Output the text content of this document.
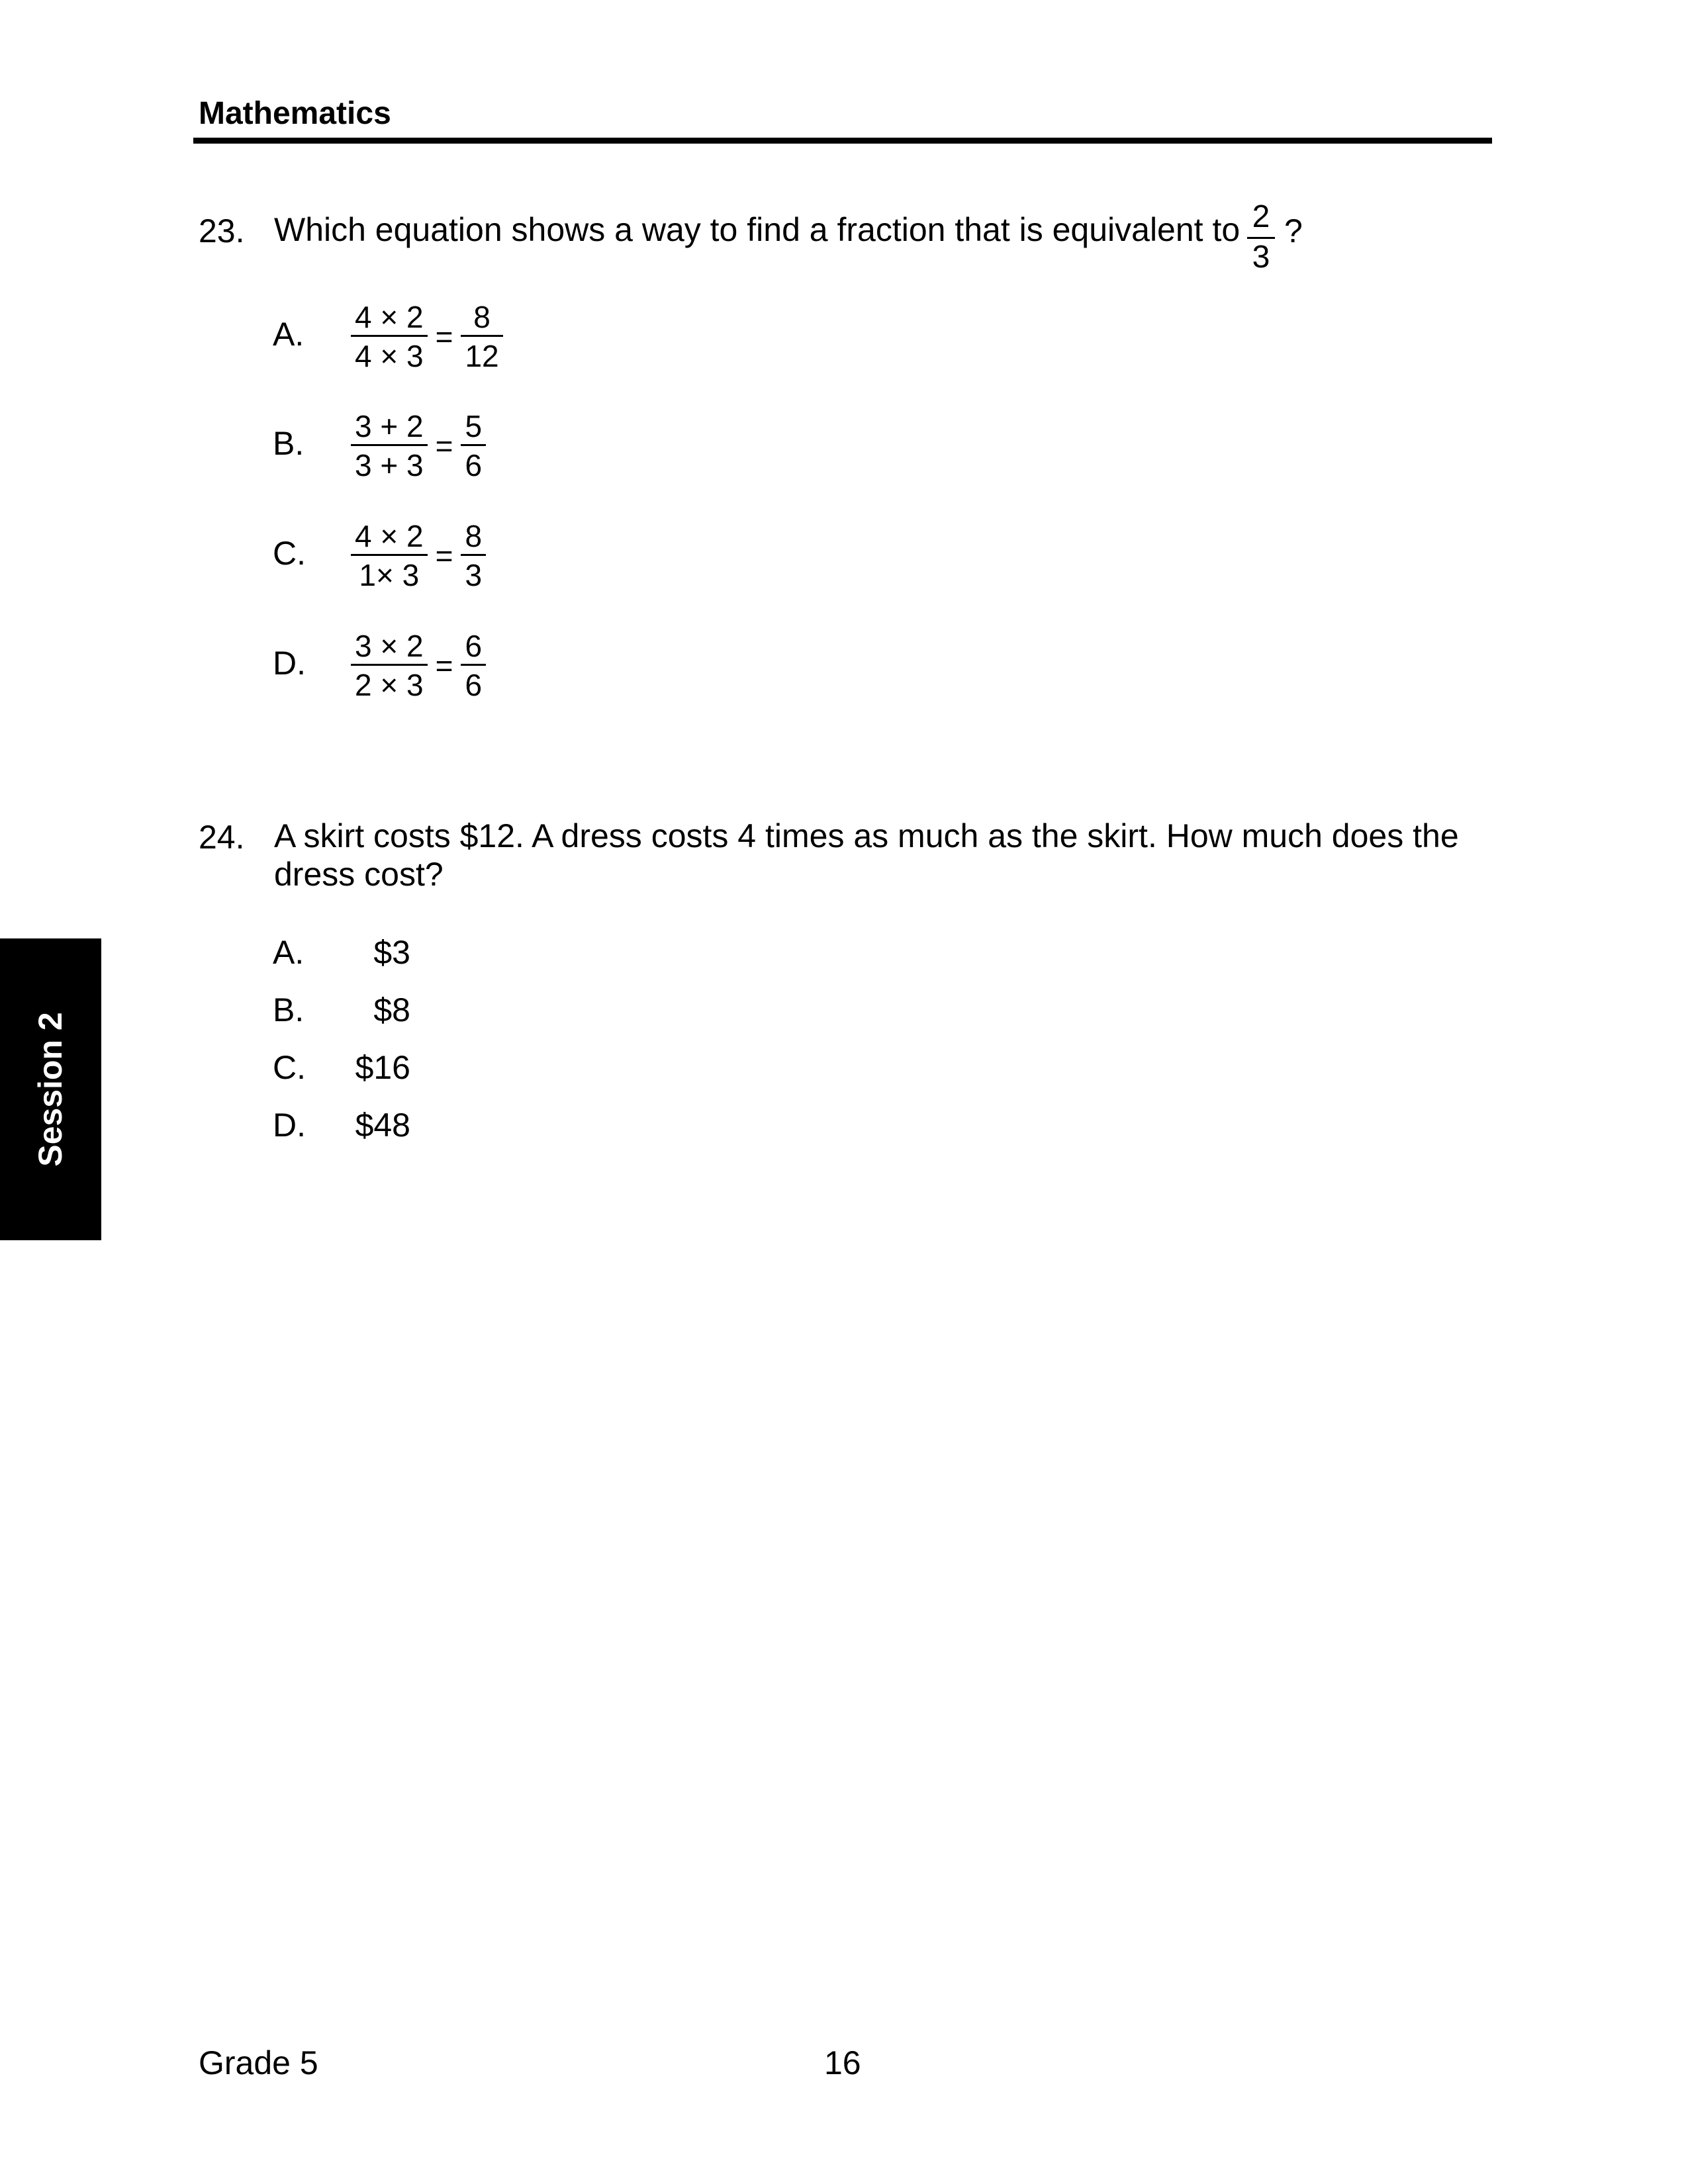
Mathematics
23. Which equation shows a way to find a fraction that is equivalent to 2
3
?
A. $\frac{4 \times 2}{4 \times 3} = \frac{8}{12}$
B. $\frac{3 + 2}{3 + 3} = \frac{5}{6}$
C. $\frac{4 \times 2}{1\times 3} = \frac{8}{3}$
D. $\frac{3 \times 2}{2 \times 3} = \frac{6}{6}$
24. A skirt costs $12. A dress costs 4 times as much as the skirt. How much does the
dress cost?
A.	$3
B.	$8
C.	$16
D.	$48
Session 2
Grade 5	16
